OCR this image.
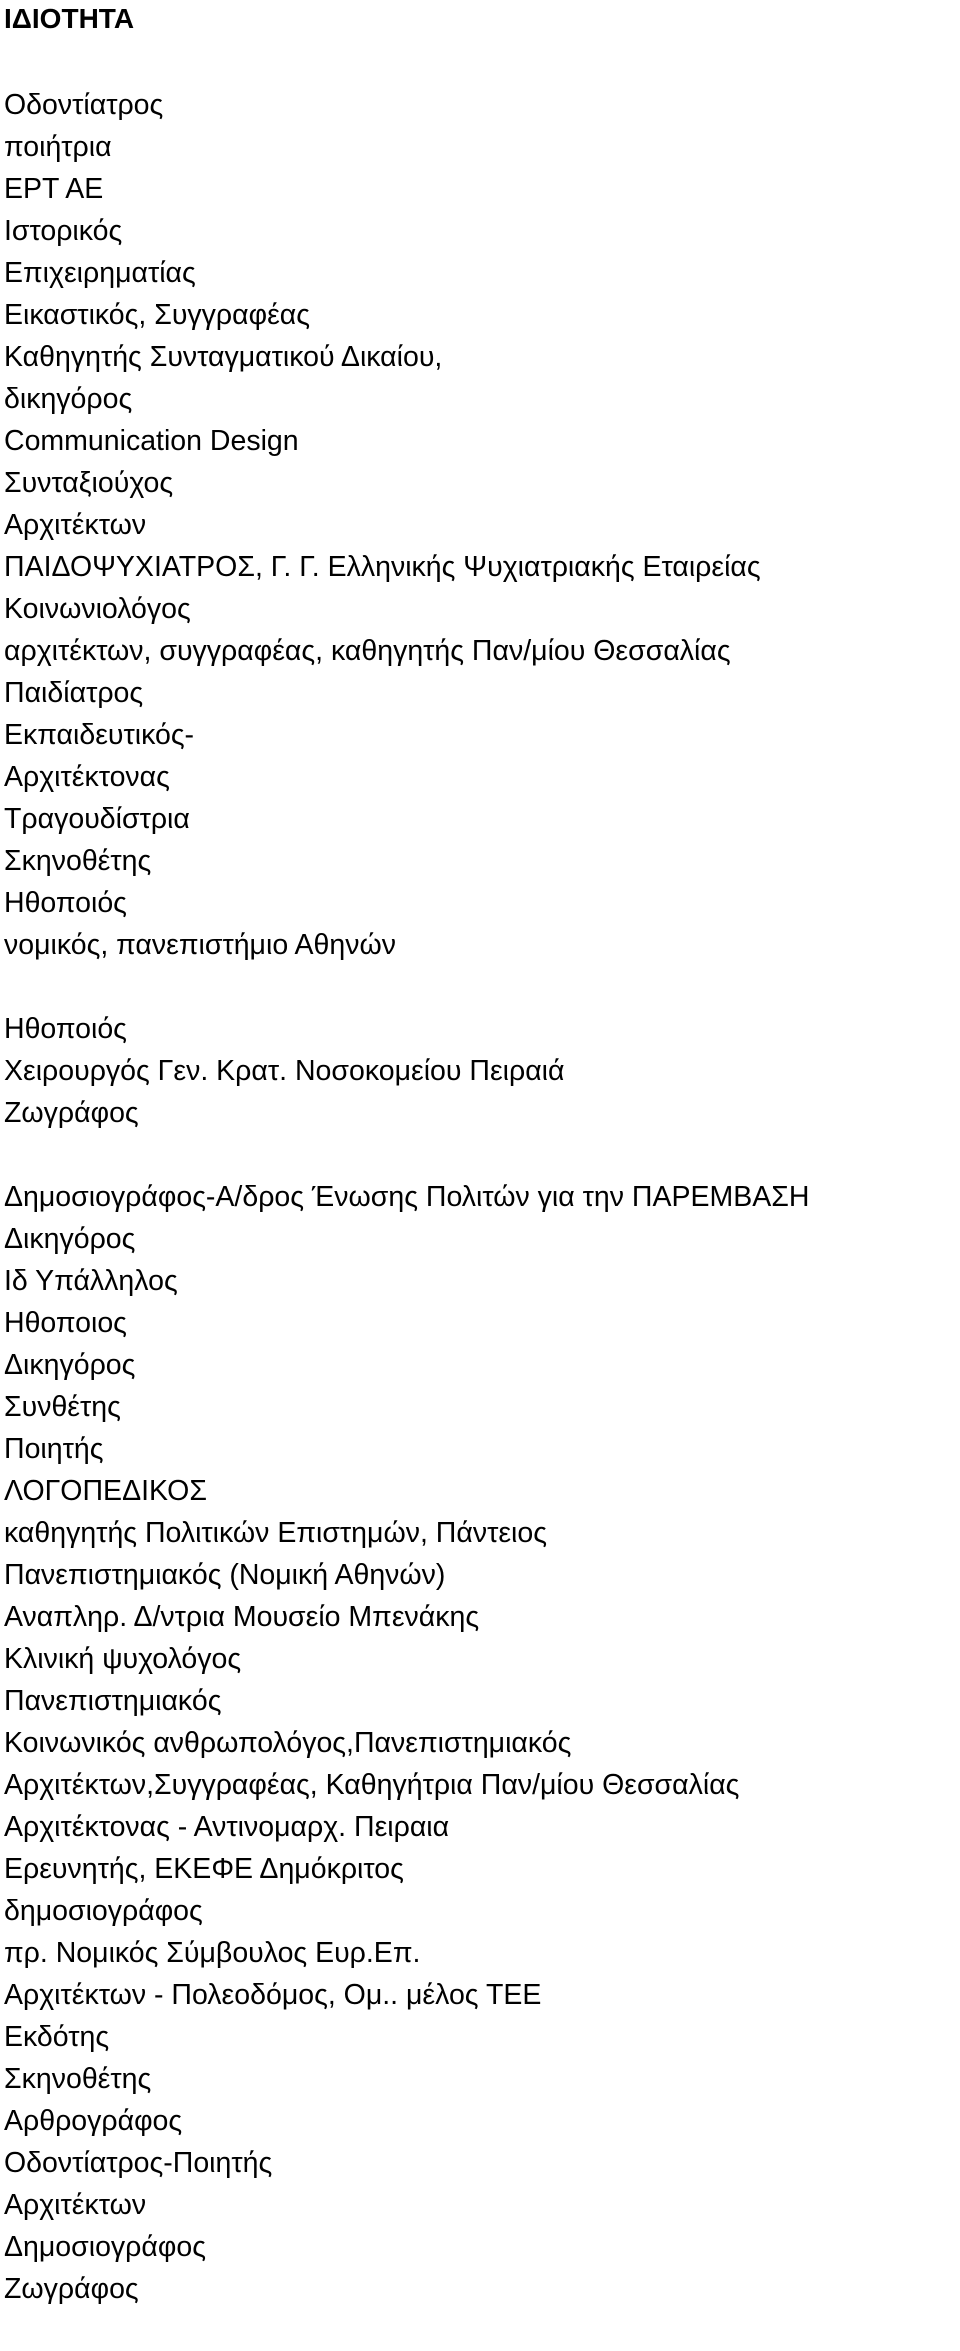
ΙΔΙΟΤΗΤΑ
Οδοντίατρος
ποιήτρια
ΕΡΤ ΑΕ
Ιστορικός
Επιχειρηματίας
Εικαστικός, Συγγραφέας
Καθηγητής Συνταγματικού Δικαίου,
δικηγόρος
Communication Design
Συνταξιούχος
Αρχιτέκτων
ΠΑΙΔΟΨΥΧΙΑΤΡΟΣ, Γ. Γ. Ελληνικής Ψυχιατριακής Εταιρείας
Κοινωνιολόγος
αρχιτέκτων, συγγραφέας, καθηγητής Παν/μίου Θεσσαλίας
Παιδίατρος
Εκπαιδευτικός-
Αρχιτέκτονας
Τραγουδίστρια
Σκηνοθέτης
Ηθοποιός
νομικός, πανεπιστήμιο Αθηνών
Ηθοποιός
Χειρουργός Γεν. Κρατ. Νοσοκομείου Πειραιά
Ζωγράφος
Δημοσιογράφος-Α/δρος Ένωσης Πολιτών για την ΠΑΡΕΜΒΑΣΗ
Δικηγόρος
Ιδ Υπάλληλος
Ηθοποιος
Δικηγόρος
Συνθέτης
Ποιητής
ΛΟΓΟΠΕΔΙΚΟΣ
καθηγητής Πολιτικών Επιστημών, Πάντειος
Πανεπιστημιακός (Νομική Αθηνών)
Αναπληρ. Δ/ντρια Μουσείο Μπενάκης
Κλινική ψυχολόγος
Πανεπιστημιακός
Κοινωνικός ανθρωπολόγος,Πανεπιστημιακός
Αρχιτέκτων,Συγγραφέας, Καθηγήτρια Παν/μίου Θεσσαλίας
Αρχιτέκτονας - Αντινομαρχ. Πειραια
Ερευνητής, ΕΚΕΦΕ Δημόκριτος
δημοσιογράφος
πρ. Νομικός Σύμβουλος Ευρ.Επ.
Αρχιτέκτων - Πολεοδόμος, Ομ.. μέλος ΤΕΕ
Εκδότης
Σκηνοθέτης
Αρθρογράφος
Οδοντίατρος-Ποιητής
Αρχιτέκτων
Δημοσιογράφος
Ζωγράφος
